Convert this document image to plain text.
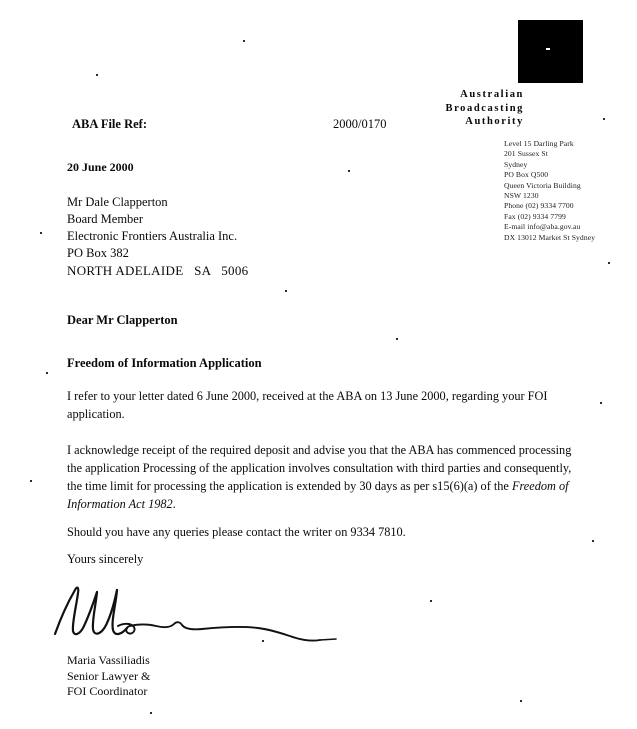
Australian
Broadcasting
Authority
Level 15 Darling Park
201 Sussex St
Sydney
PO Box Q500
Queen Victoria Building
NSW 1230
Phone (02) 9334 7700
Fax (02) 9334 7799
E-mail info@aba.gov.au
DX 13012 Market St Sydney
ABA File Ref:	2000/0170
20 June 2000
Mr Dale Clapperton
Board Member
Electronic Frontiers Australia Inc.
PO Box 382
NORTH ADELAIDE   SA   5006
Dear Mr Clapperton
Freedom of Information Application
I refer to your letter dated 6 June 2000, received at the ABA on 13 June 2000, regarding your FOI application.
I acknowledge receipt of the required deposit and advise you that the ABA has commenced processing the application Processing of the application involves consultation with third parties and consequently, the time limit for processing the application is extended by 30 days as per s15(6)(a) of the Freedom of Information Act 1982.
Should you have any queries please contact the writer on 9334 7810.
Yours sincerely
Maria Vassiliadis
Senior Lawyer &
FOI Coordinator
